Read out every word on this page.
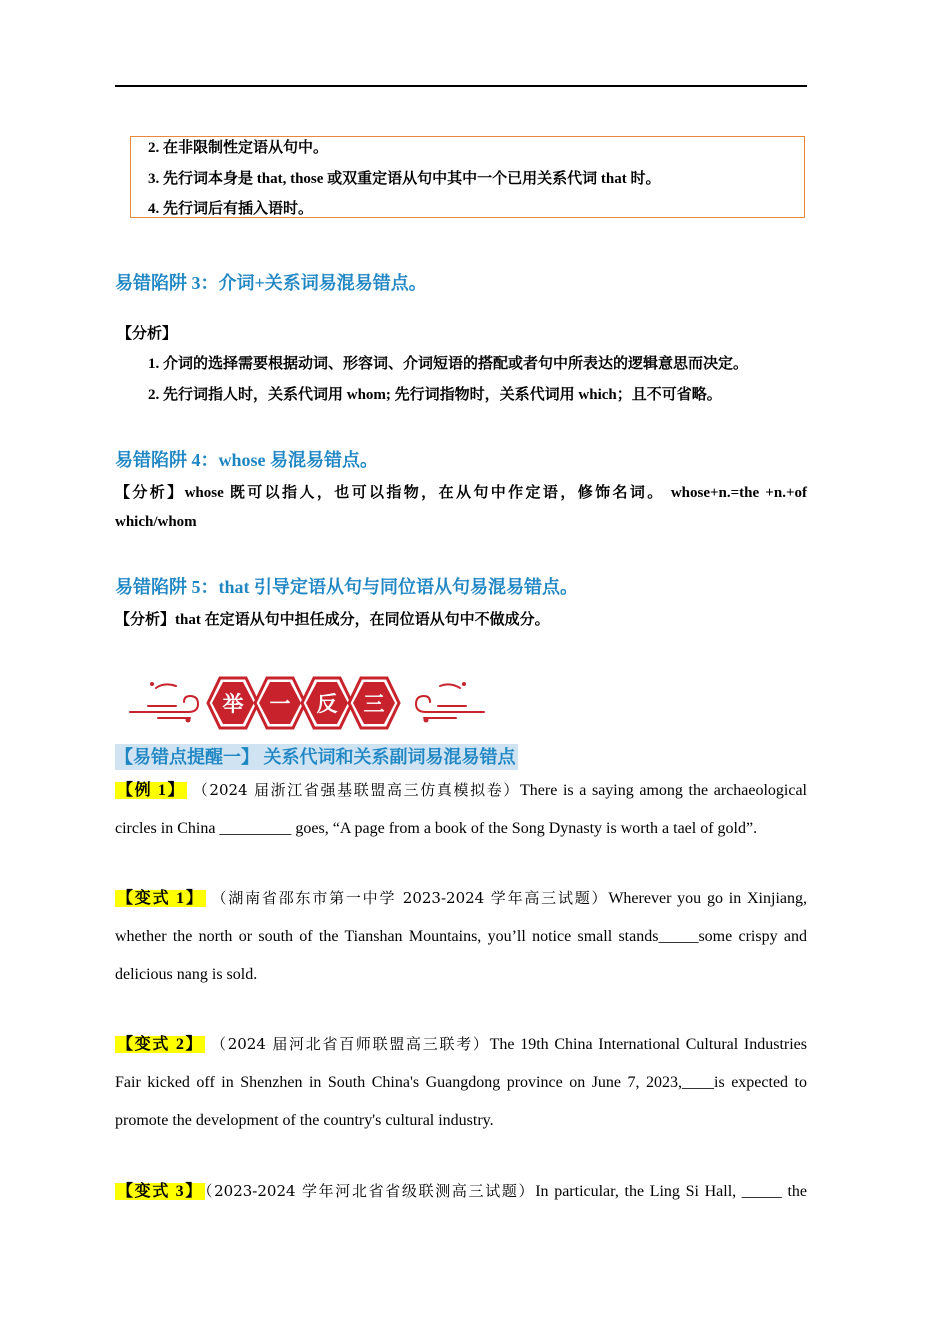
2. 在非限制性定语从句中。
3. 先行词本身是 that, those 或双重定语从句中其中一个已用关系代词 that 时。
4. 先行词后有插入语时。
易错陷阱 3：介词+关系词易混易错点。
【分析】
1. 介词的选择需要根据动词、形容词、介词短语的搭配或者句中所表达的逻辑意思而决定。
2. 先行词指人时，关系代词用 whom; 先行词指物时，关系代词用 which；且不可省略。
易错陷阱 4：whose 易混易错点。
【分析】whose 既可以指人，也可以指物，在从句中作定语，修饰名词。 whose+n.=the +n.+of
which/whom
易错陷阱 5：that 引导定语从句与同位语从句易混易错点。
【分析】that 在定语从句中担任成分，在同位语从句中不做成分。
举 一 反 三
【易错点提醒一】 关系代词和关系副词易混易错点
【例 1】 （2024 届浙江省强基联盟高三仿真模拟卷）There is a saying among the archaeological
circles in China _________ goes, “A page from a book of the Song Dynasty is worth a tael of gold”.
【变式 1】 （湖南省邵东市第一中学 2023-2024 学年高三试题）Wherever you go in Xinjiang,
whether the north or south of the Tianshan Mountains, you’ll notice small stands_____some crispy and
delicious nang is sold.
【变式 2】 （2024 届河北省百师联盟高三联考）The 19th China International Cultural Industries
Fair kicked off in Shenzhen in South China's Guangdong province on June 7, 2023,____is expected to
promote the development of the country's cultural industry.
【变式 3】 （2023-2024 学年河北省省级联测高三试题）In particular, the Ling Si Hall, _____ the
